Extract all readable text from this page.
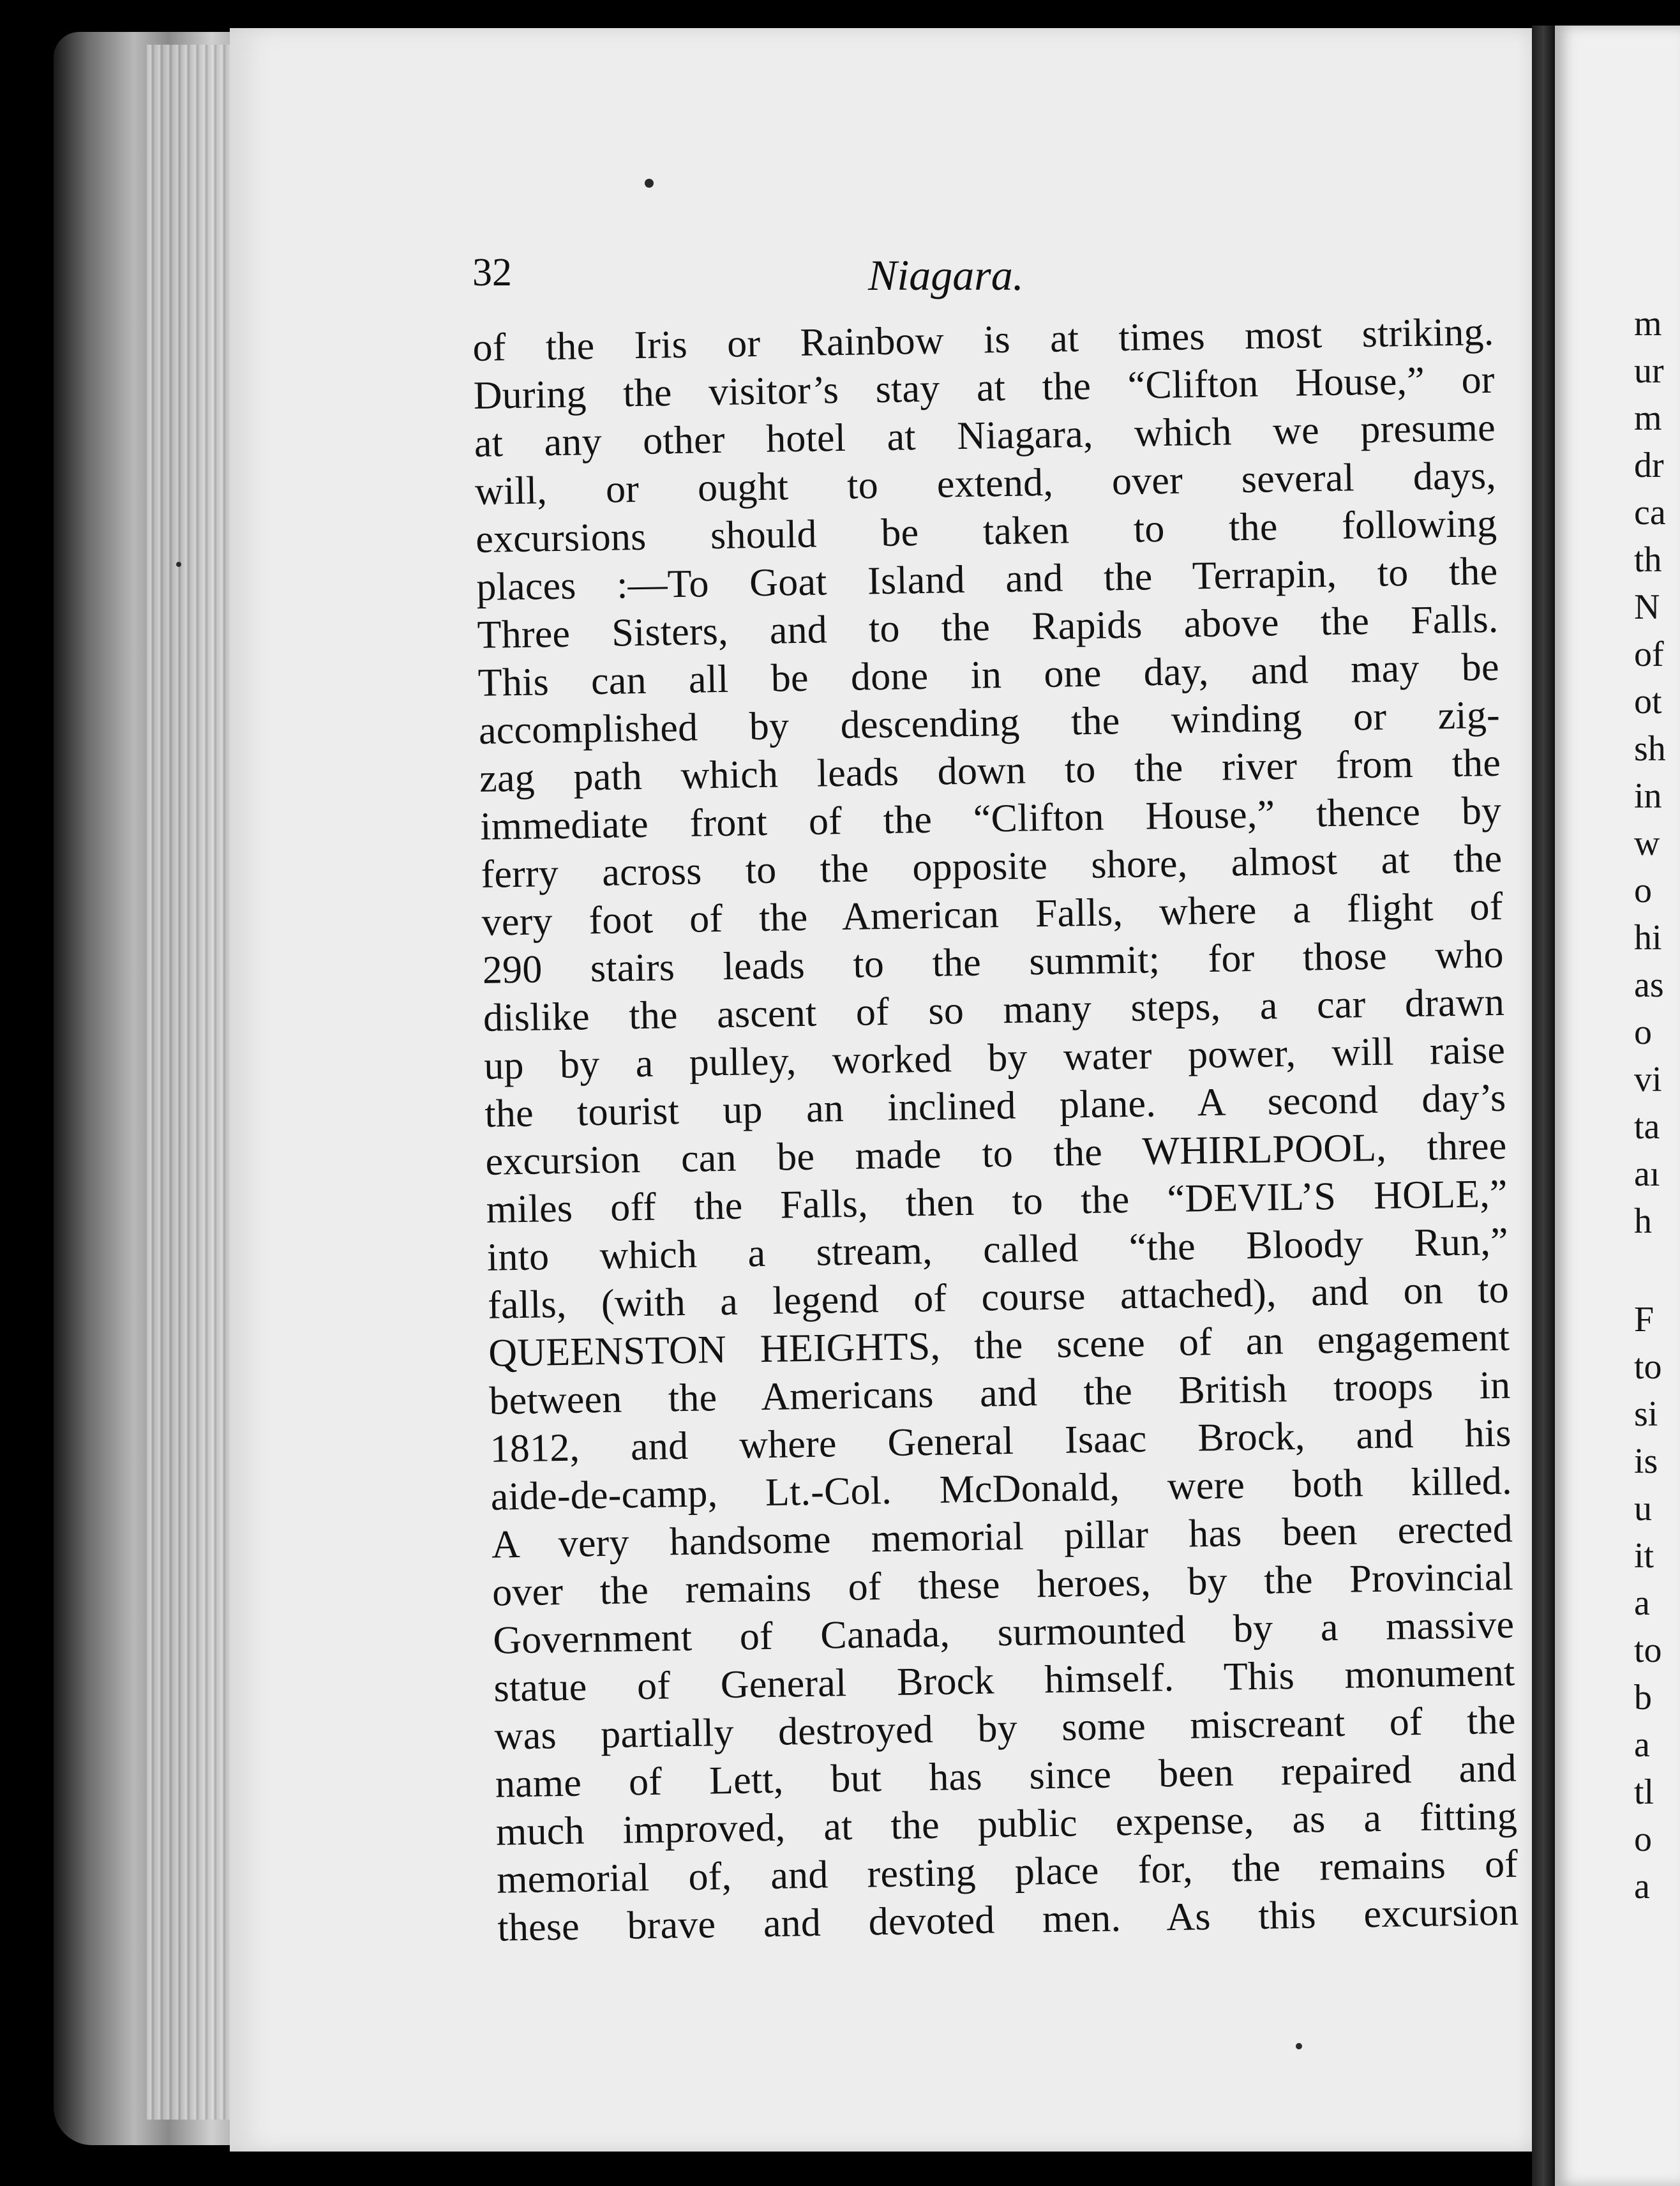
32	Niagara.
of the Iris or Rainbow is at times most striking.
During the visitor’s stay at the “Clifton House,” or
at any other hotel at Niagara, which we presume
will, or ought to extend, over several days,
excursions should be taken to the following
places :—To Goat Island and the Terrapin, to the
Three Sisters, and to the Rapids above the Falls.
This can all be done in one day, and may be
accomplished by descending the winding or zig-
zag path which leads down to the river from the
immediate front of the “Clifton House,” thence by
ferry across to the opposite shore, almost at the
very foot of the American Falls, where a flight of
290 stairs leads to the summit; for those who
dislike the ascent of so many steps, a car drawn
up by a pulley, worked by water power, will raise
the tourist up an inclined plane. A second day’s
excursion can be made to the WHIRLPOOL, three
miles off the Falls, then to the “DEVIL’S HOLE,”
into which a stream, called “the Bloody Run,”
falls, (with a legend of course attached), and on to
QUEENSTON HEIGHTS, the scene of an engagement
between the Americans and the British troops in
1812, and where General Isaac Brock, and his
aide-de-camp, Lt.-Col. McDonald, were both killed.
A very handsome memorial pillar has been erected
over the remains of these heroes, by the Provincial
Government of Canada, surmounted by a massive
statue of General Brock himself. This monument
was partially destroyed by some miscreant of the
name of Lett, but has since been repaired and
much improved, at the public expense, as a fitting
memorial of, and resting place for, the remains of
these brave and devoted men. As this excursion
m
ur
m
dr
ca
th
N
of
ot
sh
in
w
o
hi
as
o
vi
ta
aı
h
F
to
si
is
u
it
a
to
b
a
tl
o
a
